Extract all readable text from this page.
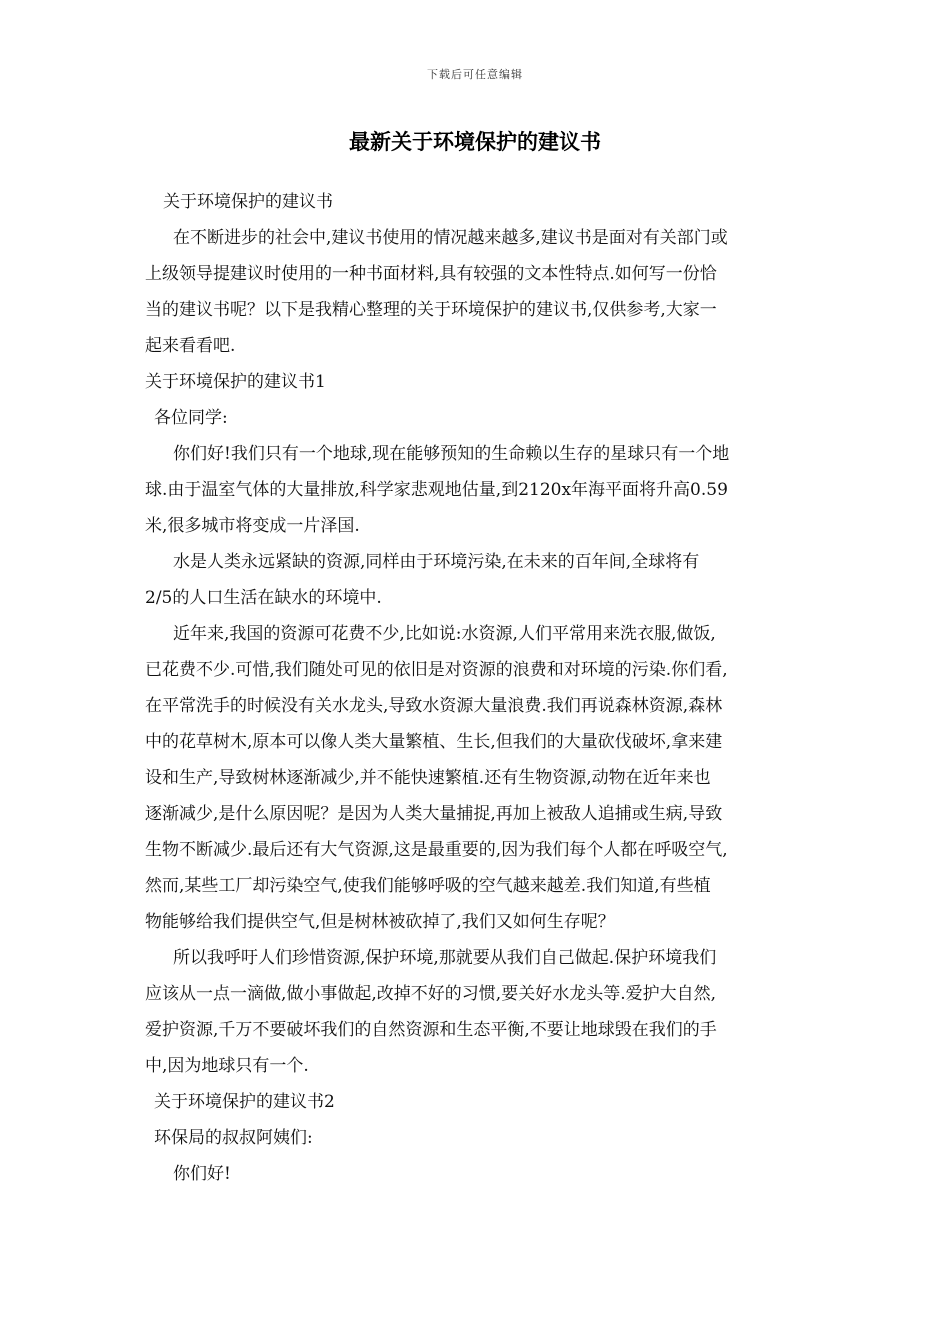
下载后可任意编辑
最新关于环境保护的建议书

关于环境保护的建议书

在不断进步的社会中,建议书使用的情况越来越多,建议书是面对有关部门或

上级领导提建议时使用的一种书面材料,具有较强的文本性特点.如何写一份恰

当的建议书呢？以下是我精心整理的关于环境保护的建议书,仅供参考,大家一

起来看看吧.

关于环境保护的建议书1

各位同学:

你们好!我们只有一个地球,现在能够预知的生命赖以生存的星球只有一个地

球.由于温室气体的大量排放,科学家悲观地估量,到2120x年海平面将升高0.59

米,很多城市将变成一片泽国.

水是人类永远紧缺的资源,同样由于环境污染,在未来的百年间,全球将有

2/5的人口生活在缺水的环境中.

近年来,我国的资源可花费不少,比如说:水资源,人们平常用来洗衣服,做饭,

已花费不少.可惜,我们随处可见的依旧是对资源的浪费和对环境的污染.你们看,

在平常洗手的时候没有关水龙头,导致水资源大量浪费.我们再说森林资源,森林

中的花草树木,原本可以像人类大量繁植、生长,但我们的大量砍伐破坏,拿来建

设和生产,导致树林逐渐减少,并不能快速繁植.还有生物资源,动物在近年来也

逐渐减少,是什么原因呢？是因为人类大量捕捉,再加上被敌人追捕或生病,导致

生物不断减少.最后还有大气资源,这是最重要的,因为我们每个人都在呼吸空气,

然而,某些工厂却污染空气,使我们能够呼吸的空气越来越差.我们知道,有些植

物能够给我们提供空气,但是树林被砍掉了,我们又如何生存呢？

所以我呼吁人们珍惜资源,保护环境,那就要从我们自己做起.保护环境我们

应该从一点一滴做,做小事做起,改掉不好的习惯,要关好水龙头等.爱护大自然,

爱护资源,千万不要破坏我们的自然资源和生态平衡,不要让地球毁在我们的手

中,因为地球只有一个.

关于环境保护的建议书2

环保局的叔叔阿姨们:

你们好!
